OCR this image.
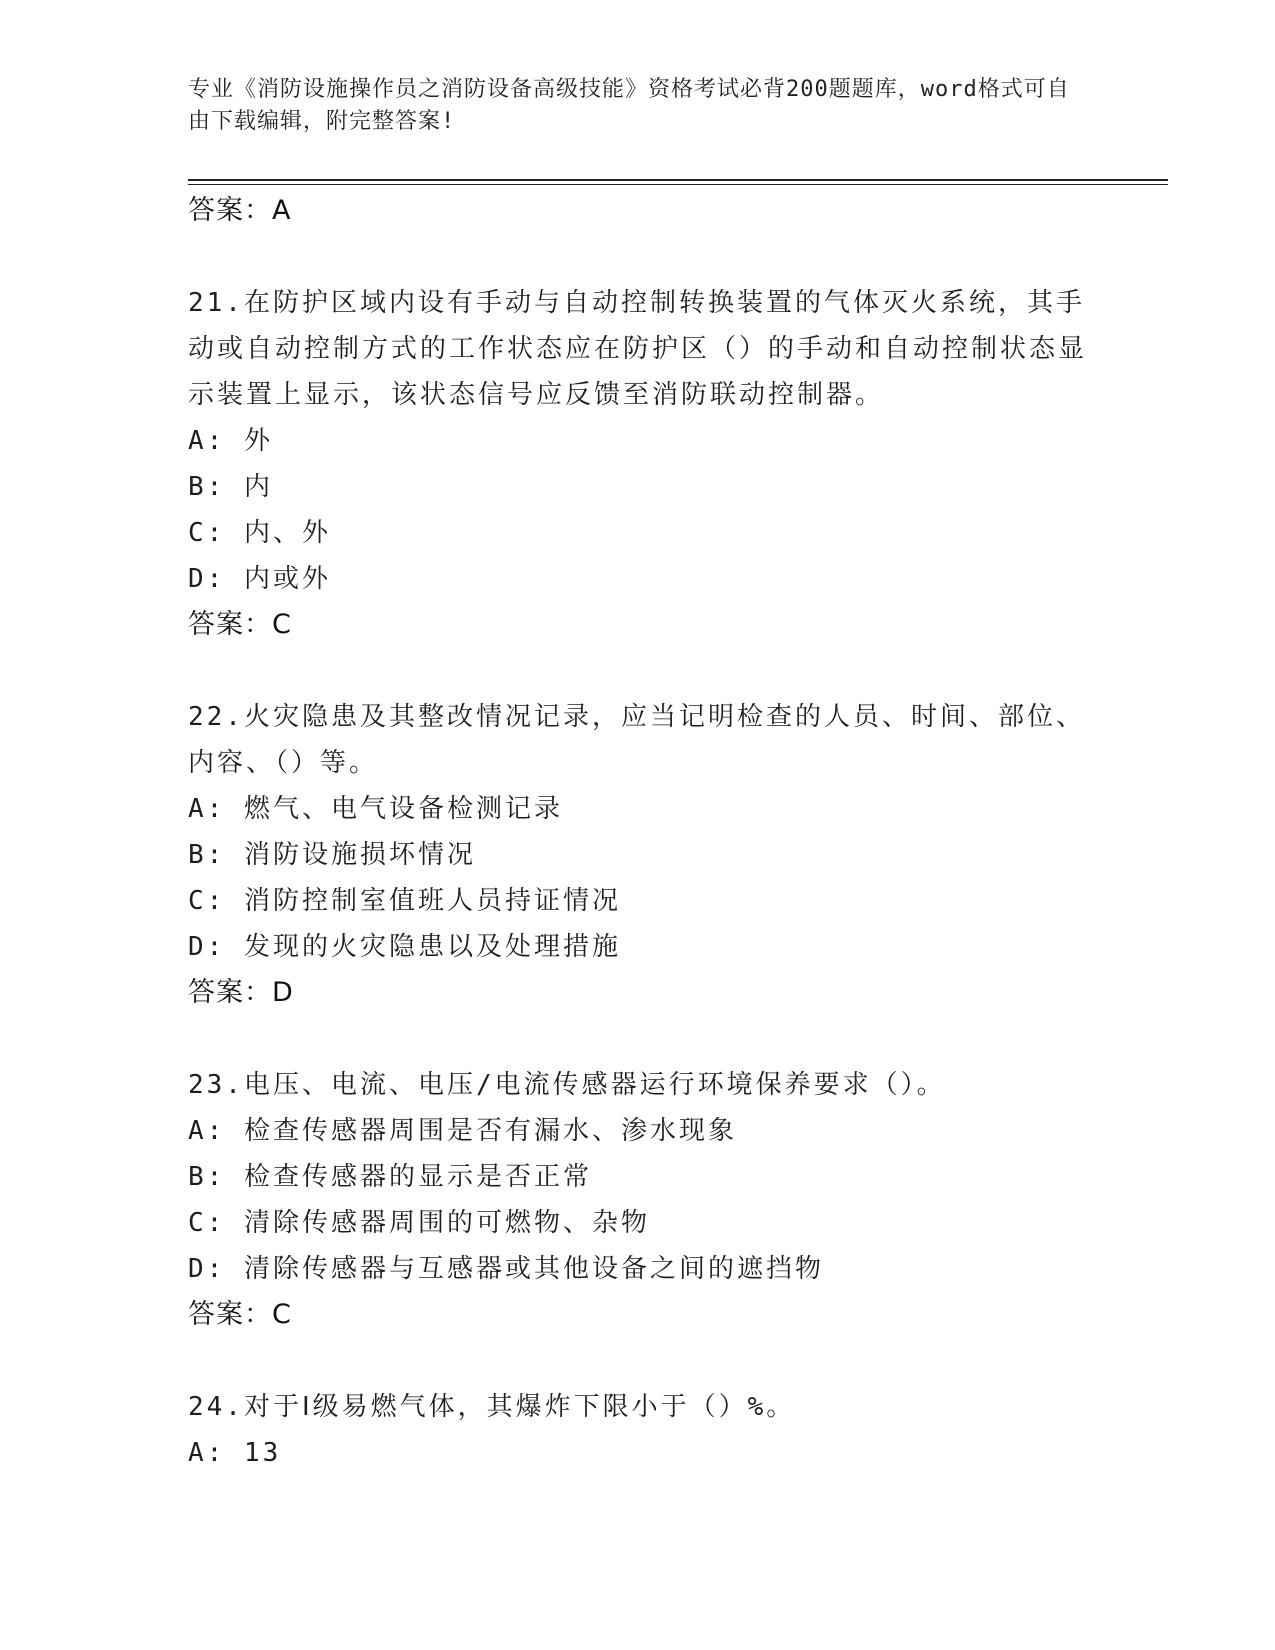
专业《消防设施操作员之消防设备高级技能》资格考试必背200题题库，word格式可自由下载编辑，附完整答案!
答案：A

21.在防护区域内设有手动与自动控制转换装置的气体灭火系统，其手动或自动控制方式的工作状态应在防护区（）的手动和自动控制状态显示装置上显示，该状态信号应反馈至消防联动控制器。

A: 外
B: 内
C: 内、外
D: 内或外
答案：C

22.火灾隐患及其整改情况记录，应当记明检查的人员、时间、部位、内容、（）等。

A: 燃气、电气设备检测记录
B: 消防设施损坏情况
C: 消防控制室值班人员持证情况
D: 发现的火灾隐患以及处理措施
答案：D

23.电压、电流、电压/电流传感器运行环境保养要求（）。

A: 检查传感器周围是否有漏水、渗水现象
B: 检查传感器的显示是否正常
C: 清除传感器周围的可燃物、杂物
D: 清除传感器与互感器或其他设备之间的遮挡物
答案：C

24.对于Ⅰ级易燃气体，其爆炸下限小于（）%。

A: 13
